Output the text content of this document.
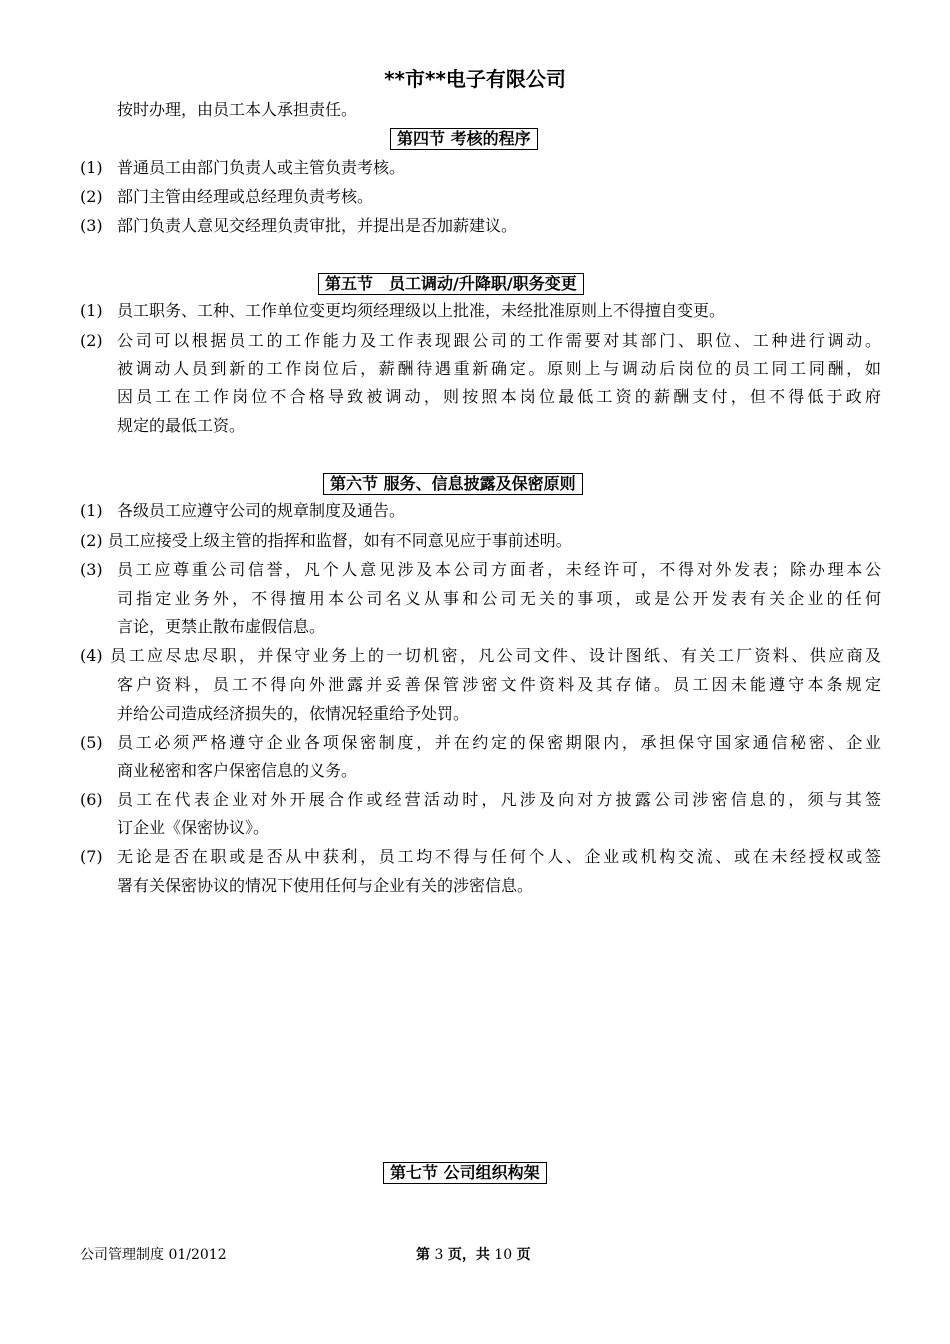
**市**电子有限公司
按时办理，由员工本人承担责任。
第四节 考核的程序
(1) 普通员工由部门负责人或主管负责考核。
(2) 部门主管由经理或总经理负责考核。
(3) 部门负责人意见交经理负责审批，并提出是否加薪建议。
第五节　员工调动/升降职/职务变更
(1) 员工职务、工种、工作单位变更均须经理级以上批准，未经批准原则上不得擅自变更。
(2) 公司可以根据员工的工作能力及工作表现跟公司的工作需要对其部门、职位、工种进行调动。
被调动人员到新的工作岗位后，薪酬待遇重新确定。原则上与调动后岗位的员工同工同酬，如
因员工在工作岗位不合格导致被调动，则按照本岗位最低工资的薪酬支付，但不得低于政府
规定的最低工资。
第六节 服务、信息披露及保密原则
(1) 各级员工应遵守公司的规章制度及通告。
(2) 员工应接受上级主管的指挥和监督，如有不同意见应于事前述明。
(3) 员工应尊重公司信誉，凡个人意见涉及本公司方面者，未经许可，不得对外发表；除办理本公
司指定业务外，不得擅用本公司名义从事和公司无关的事项，或是公开发表有关企业的任何
言论，更禁止散布虚假信息。
(4) 员工应尽忠尽职，并保守业务上的一切机密，凡公司文件、设计图纸、有关工厂资料、供应商及
客户资料，员工不得向外泄露并妥善保管涉密文件资料及其存储。员工因未能遵守本条规定
并给公司造成经济损失的，依情况轻重给予处罚。
(5) 员工必须严格遵守企业各项保密制度，并在约定的保密期限内，承担保守国家通信秘密、企业
商业秘密和客户保密信息的义务。
(6) 员工在代表企业对外开展合作或经营活动时，凡涉及向对方披露公司涉密信息的，须与其签
订企业《保密协议》。
(7) 无论是否在职或是否从中获利，员工均不得与任何个人、企业或机构交流、或在未经授权或签
署有关保密协议的情况下使用任何与企业有关的涉密信息。
第七节 公司组织构架
公司管理制度 01/2012	第 3 页，共 10 页
